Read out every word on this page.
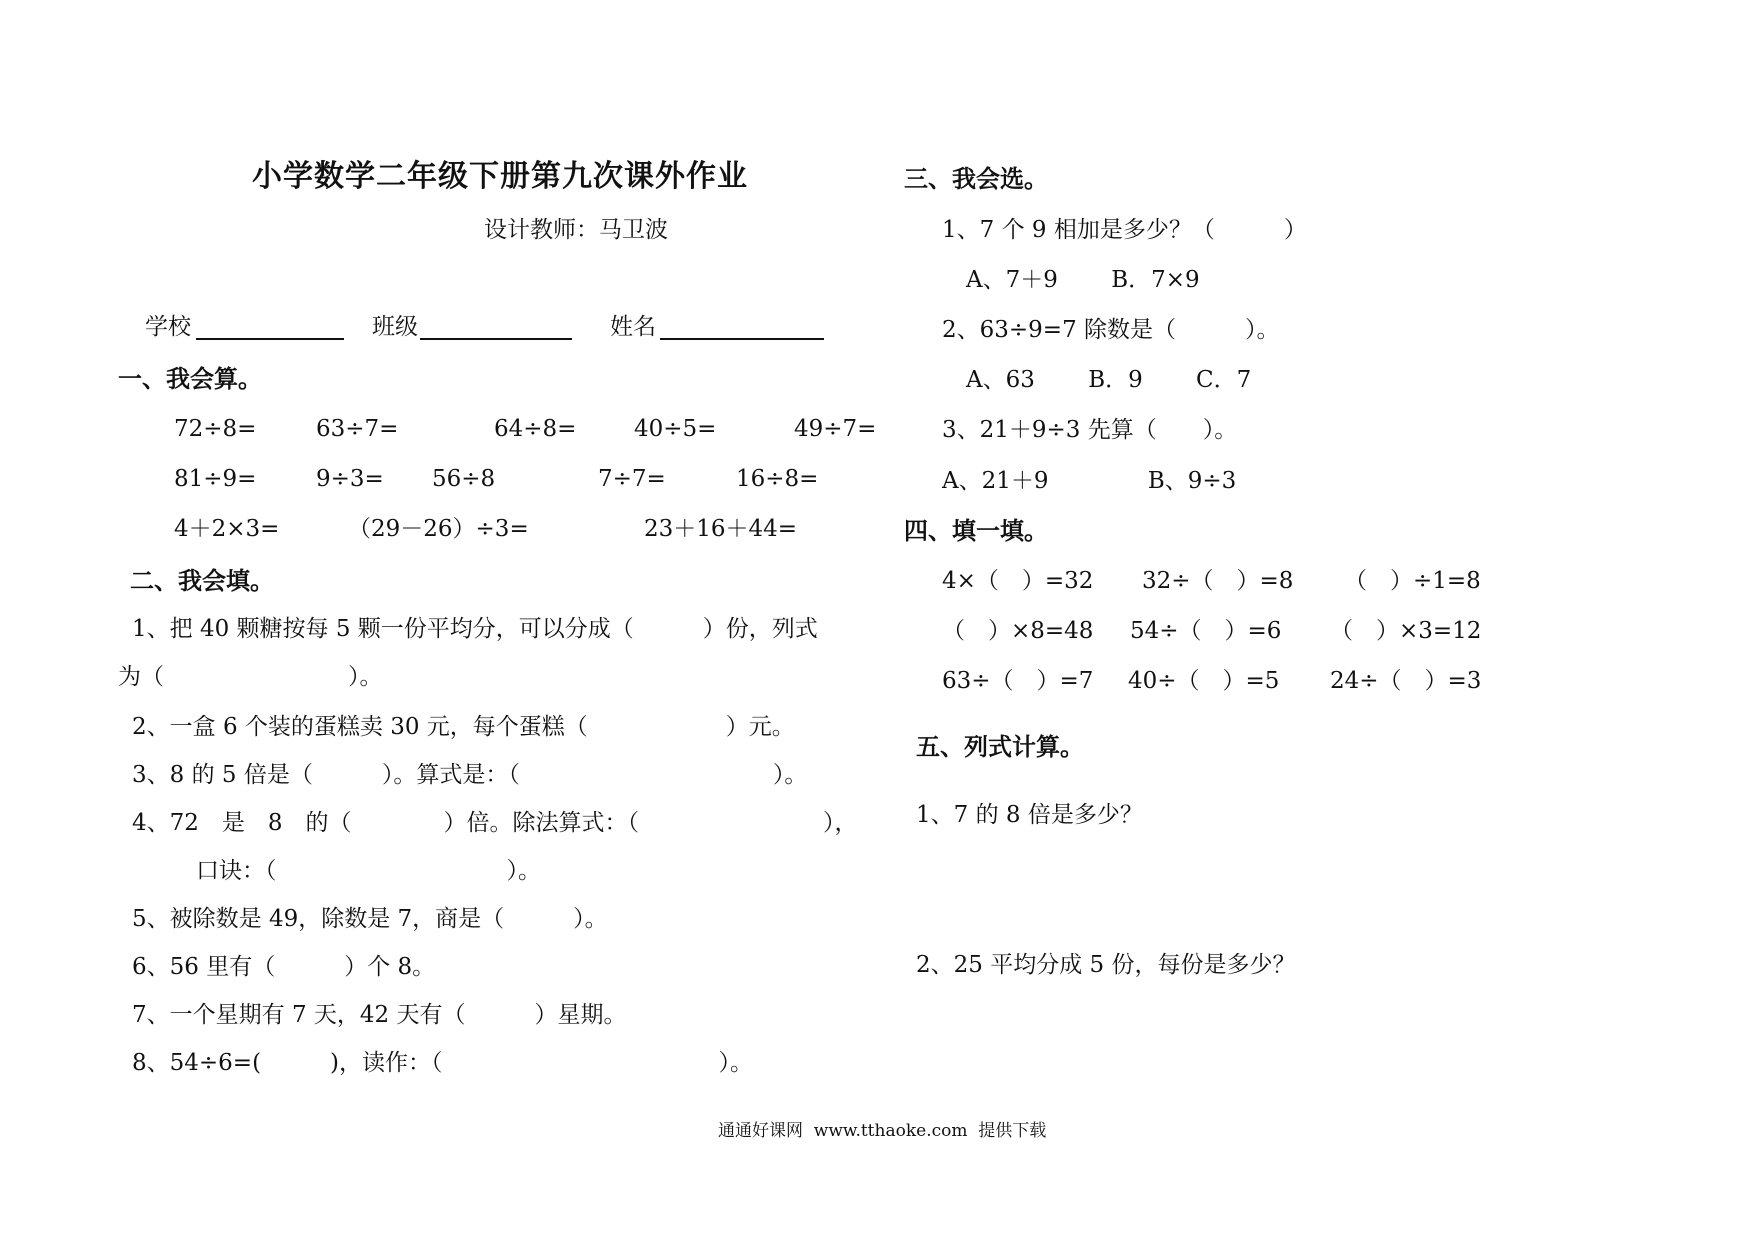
小学数学二年级下册第九次课外作业
设计教师：马卫波
学校	班级	姓名
一、我会算。
72÷8=	63÷7=	64÷8=	40÷5=	49÷7=
81÷9=	9÷3= 56÷8	7÷7=	16÷8=
4＋2×3=	（29－26）÷3=	23＋16＋44=
二、我会填。
1、把 40 颗糖按每 5 颗一份平均分，可以分成（　　　）份，列式
为（　　　　　　　　）。
2、一盒 6 个装的蛋糕卖 30 元，每个蛋糕（　　　　　　）元。
3、8 的 5 倍是（　　　）。算式是：（　　　　　　　　　　　）。
4、72　是　8　的（　　　　）倍。除法算式：（　　　　　　　　），
口诀：（　　　　　　　　　　）。
5、被除数是 49，除数是 7，商是（　　　）。
6、56 里有（　　　）个 8。
7、一个星期有 7 天，42 天有（　　　）星期。
8、54÷6=(　　　)，读作：（　　　　　　　　　　　　）。
三、我会选。
1、7 个 9 相加是多少？（　　　）
A、7＋9　　 B．7×9
2、63÷9=7 除数是（　　　）。
A、63　　 B．9　　 C．7
3、21＋9÷3 先算（　　）。
A、21＋9　　　　 B、9÷3
四、填一填。
4×（　）=32 32÷（　）=8 （　）÷1=8
（　）×8=48 54÷（　）=6 （　）×3=12
63÷（　）=7 40÷（　）=5 24÷（　）=3
五、列式计算。
1、7 的 8 倍是多少？
2、25 平均分成 5 份，每份是多少？
通通好课网  www.tthaoke.com  提供下载
